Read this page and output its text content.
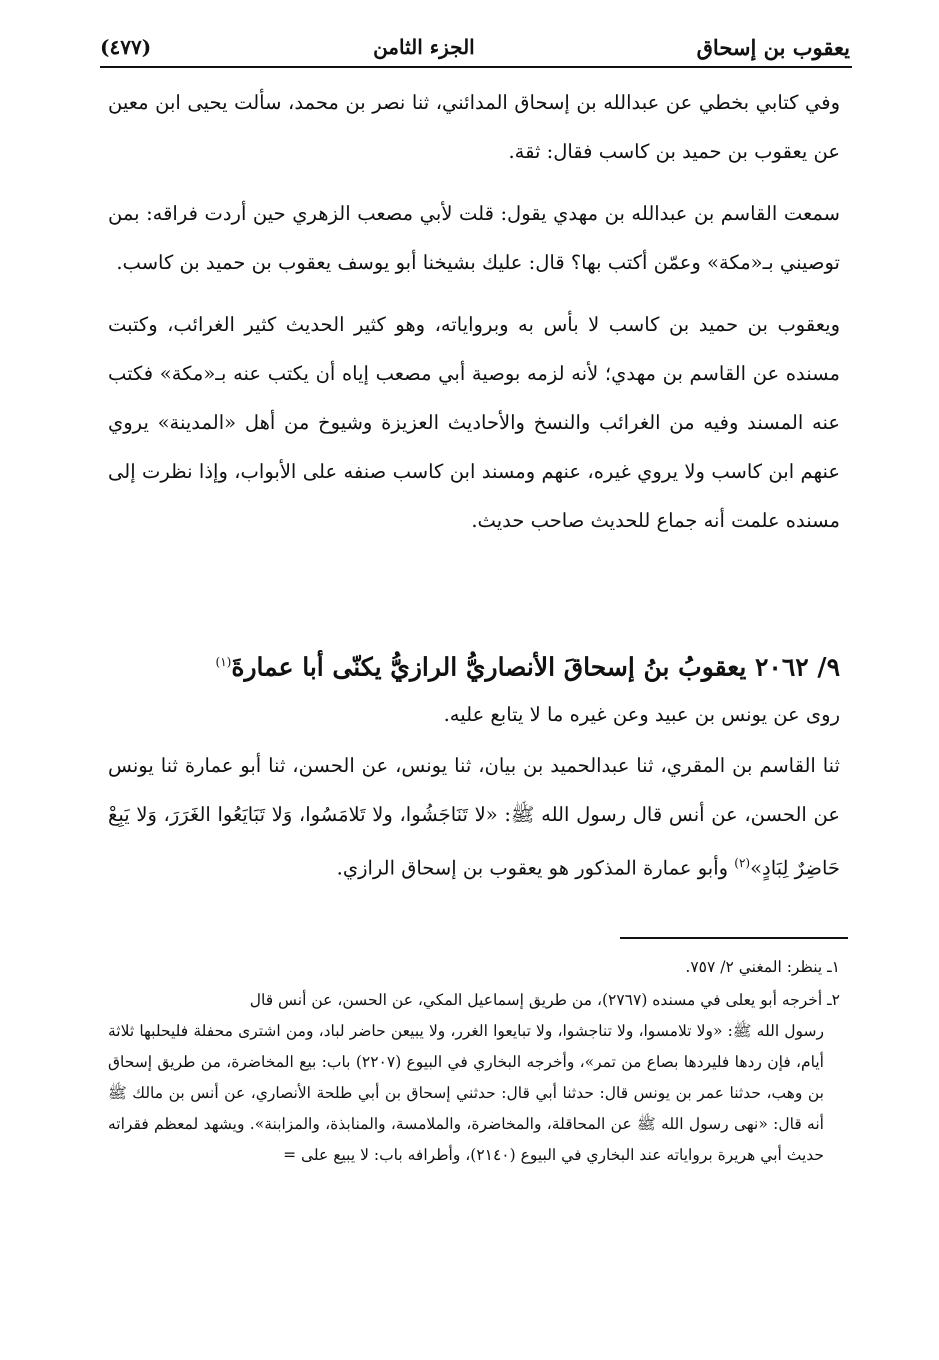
يعقوب بن إسحاق
الجزء الثامن
(٤٧٧)

وفي كتابي بخطي عن عبدالله بن إسحاق المدائني، ثنا نصر بن محمد، سألت يحيى ابن معين عن يعقوب بن حميد بن كاسب فقال: ثقة.

سمعت القاسم بن عبدالله بن مهدي يقول: قلت لأبي مصعب الزهري حين أردت فراقه: بمن توصيني بـ«مكة» وعمّن أكتب بها؟ قال: عليك بشيخنا أبو يوسف يعقوب بن حميد بن كاسب.

ويعقوب بن حميد بن كاسب لا بأس به وبرواياته، وهو كثير الحديث كثير الغرائب، وكتبت مسنده عن القاسم بن مهدي؛ لأنه لزمه بوصية أبي مصعب إياه أن يكتب عنه بـ«مكة» فكتب عنه المسند وفيه من الغرائب والنسخ والأحاديث العزيزة وشيوخ من أهل «المدينة» يروي عنهم ابن كاسب ولا يروي غيره، عنهم ومسند ابن كاسب صنفه على الأبواب، وإذا نظرت إلى مسنده علمت أنه جماع للحديث صاحب حديث.

٩/ ٢٠٦٢ يعقوبُ بنُ إسحاقَ الأنصاريُّ الرازيُّ يكنّى أبا عمارةَ$^{(١)}$

روى عن يونس بن عبيد وعن غيره ما لا يتابع عليه.

ثنا القاسم بن المقري، ثنا عبدالحميد بن بيان، ثنا يونس، عن الحسن، ثنا أبو عمارة ثنا يونس عن الحسن، عن أنس قال رسول الله ﷺ: «لا تَنَاجَشُوا، ولا تَلامَسُوا، وَلا تَبَايَعُوا الغَرَرَ، وَلا يَبِعْ حَاضِرٌ لِبَادٍ»$^{(٢)}$ وأبو عمارة المذكور هو يعقوب بن إسحاق الرازي.

١ـ ينظر: المغني ٢/ ٧٥٧.

٢ـ أخرجه أبو يعلى في مسنده (٢٧٦٧)، من طريق إسماعيل المكي، عن الحسن، عن أنس قال

رسول الله ﷺ: «ولا تلامسوا، ولا تناجشوا، ولا تبايعوا الغرر، ولا يبيعن حاضر لباد، ومن اشترى محفلة فليحلبها ثلاثة أيام، فإن ردها فليردها بصاع من تمر»، وأخرجه البخاري في البيوع (٢٢٠٧) باب: بيع المخاضرة، من طريق إسحاق بن وهب، حدثنا عمر بن يونس قال: حدثنا أبي قال: حدثني إسحاق بن أبي طلحة الأنصاري، عن أنس بن مالك ﷺ أنه قال: «نهى رسول الله ﷺ عن المحاقلة، والمخاضرة، والملامسة، والمنابذة، والمزابنة». ويشهد لمعظم فقراته حديث أبي هريرة برواياته عند البخاري في البيوع (٢١٤٠)، وأطرافه باب: لا يبيع على =
